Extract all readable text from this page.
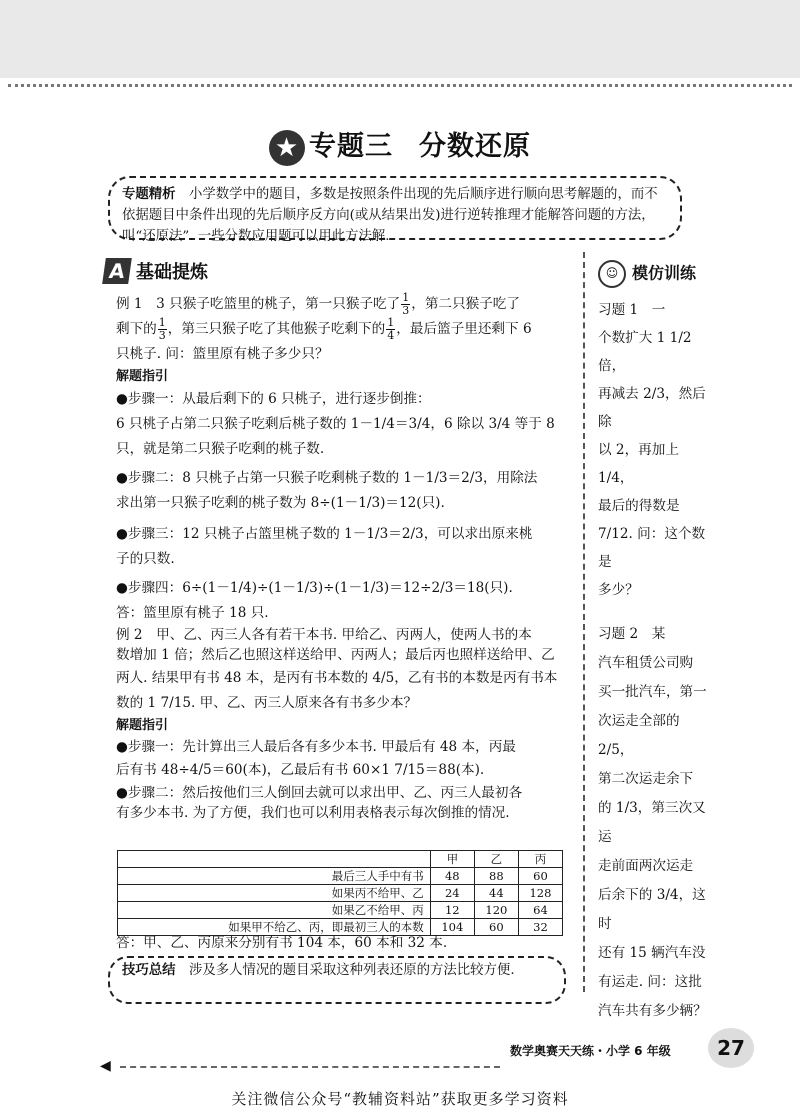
★ 专题三 分数还原
专题精析　 小学数学中的题目，多数是按照条件出现的先后顺序进行顺向思考解题的，而不依据题目中条件出现的先后顺序反方向(或从结果出发)进行逆转推理才能解答问题的方法，叫“还原法”. 一些分数应用题可以用此方法解.
A 基础提炼

例 1　3 只猴子吃篮里的桃子，第一只猴子吃了 $\frac{1}{3}$ ，第二只猴子吃了

剩下的 $\frac{1}{3}$ ，第三只猴子吃了其他猴子吃剩下的 $\frac{1}{4}$ ，最后篮子里还剩下 6

只桃子. 问：篮里原有桃子多少只？

解题指引

●步骤一：从最后剩下的 6 只桃子，进行逐步倒推：

6 只桃子占第二只猴子吃剩后桃子数的 1－1/4＝3/4，6 除以 3/4 等于 8

只，就是第二只猴子吃剩的桃子数.

●步骤二：8 只桃子占第一只猴子吃剩桃子数的 1－1/3＝2/3，用除法

求出第一只猴子吃剩的桃子数为 8÷(1－1/3)＝12(只).

●步骤三：12 只桃子占篮里桃子数的 1－1/3＝2/3，可以求出原来桃

子的只数.

●步骤四：6÷(1－1/4)÷(1－1/3)÷(1－1/3)＝12÷2/3＝18(只).

答：篮里原有桃子 18 只.

例 2　甲、乙、丙三人各有若干本书. 甲给乙、丙两人，使两人书的本

数增加 1 倍；然后乙也照这样送给甲、丙两人；最后丙也照样送给甲、乙

两人. 结果甲有书 48 本，是丙有书本数的 4/5，乙有书的本数是丙有书本

数的 1 7/15. 甲、乙、丙三人原来各有书多少本？

解题指引

●步骤一：先计算出三人最后各有多少本书. 甲最后有 48 本，丙最

后有书 48÷4/5＝60(本)，乙最后有书 60×1 7/15＝88(本).

●步骤二：然后按他们三人倒回去就可以求出甲、乙、丙三人最初各

有多少本书. 为了方便，我们也可以利用表格表示每次倒推的情况.

	甲	乙	丙
最后三人手中有书	48	88	60
如果丙不给甲、乙	24	44	128
如果乙不给甲、丙	12	120	64
如果甲不给乙、丙，即最初三人的本数	104	60	32
答：甲、乙、丙原来分别有书 104 本，60 本和 32 本.
技巧总结　 涉及多人情况的题目采取这种列表还原的方法比较方便.
☺ 模仿训练
习题 1　一
个数扩大 1 1/2 倍，
再减去 2/3，然后除
以 2，再加上 1/4，
最后的得数是
7/12. 问：这个数是
多少？
习题 2　某
汽车租赁公司购
买一批汽车，第一
次运走全部的 2/5，
第二次运走余下
的 1/3，第三次又运
走前面两次运走
后余下的 3/4，这时
还有 15 辆汽车没
有运走. 问：这批
汽车共有多少辆？
◀
数学奥赛天天练・小学 6 年级	27
关注微信公众号“教辅资料站”获取更多学习资料
